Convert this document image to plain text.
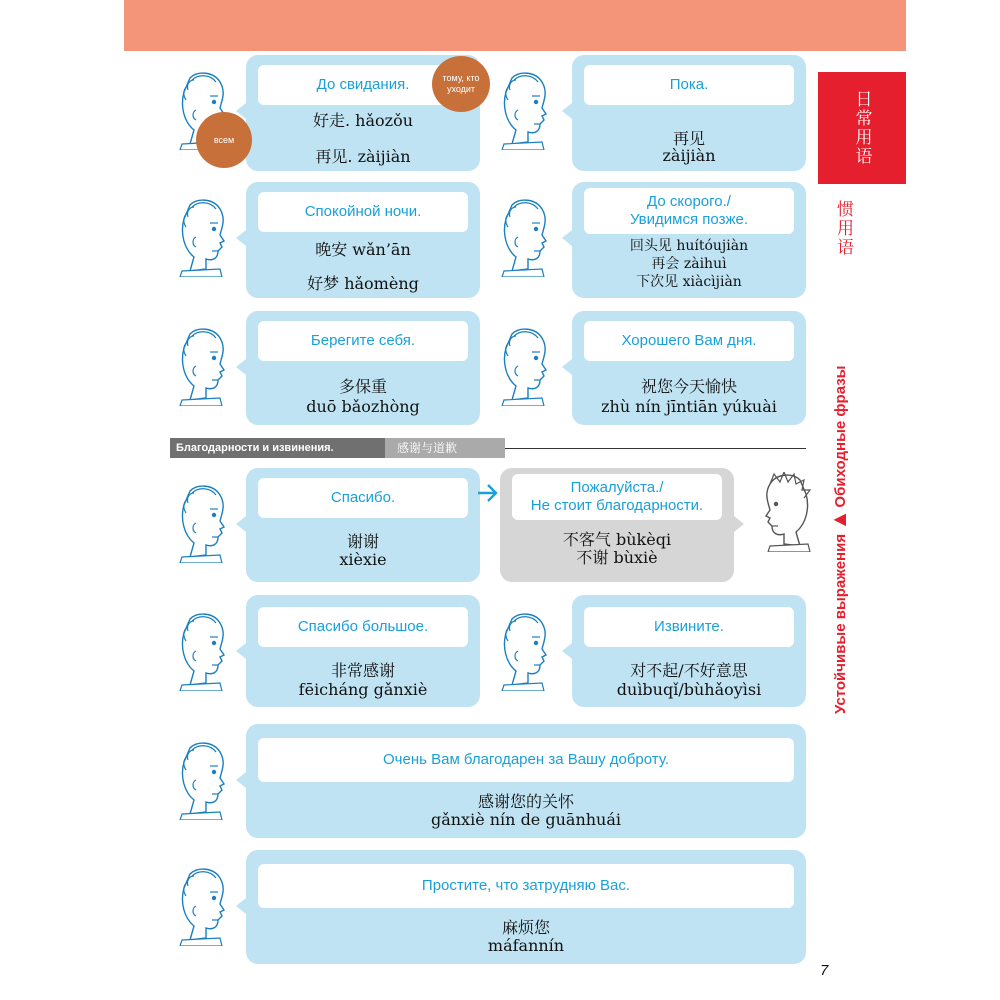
日常用语
惯用语
Устойчивые выражения ▶ Обиходные фразы
До свидания.
好走. hǎozǒu
再见. zàijiàn
всем
тому, кто уходит	Пока.
再见
zàijiàn
Спокойной ночи.
晚安 wǎn’ān
好梦 hǎomèng
До скорого./
Увидимся позже.
回头见 huítóujiàn
再会 zàihuì
下次见 xiàcìjiàn
Берегите себя.
多保重
duō bǎozhòng
Хорошего Вам дня.
祝您今天愉快
zhù nín jīntiān yúkuài
Благодарности и извинения.	感谢与道歉
Спасибо.
谢谢
xièxie
Пожалуйста./
Не стоит благодарности.
不客气 bùkèqi
不谢 bùxiè
Спасибо большое.
非常感谢
fēicháng gǎnxiè
Извините.
对不起/不好意思
duìbuqǐ/bùhǎoyìsi
Очень Вам благодарен за Вашу доброту.
感谢您的关怀
gǎnxiè nín de guānhuái
Простите, что затрудняю Вас.
麻烦您
máfannín
7
